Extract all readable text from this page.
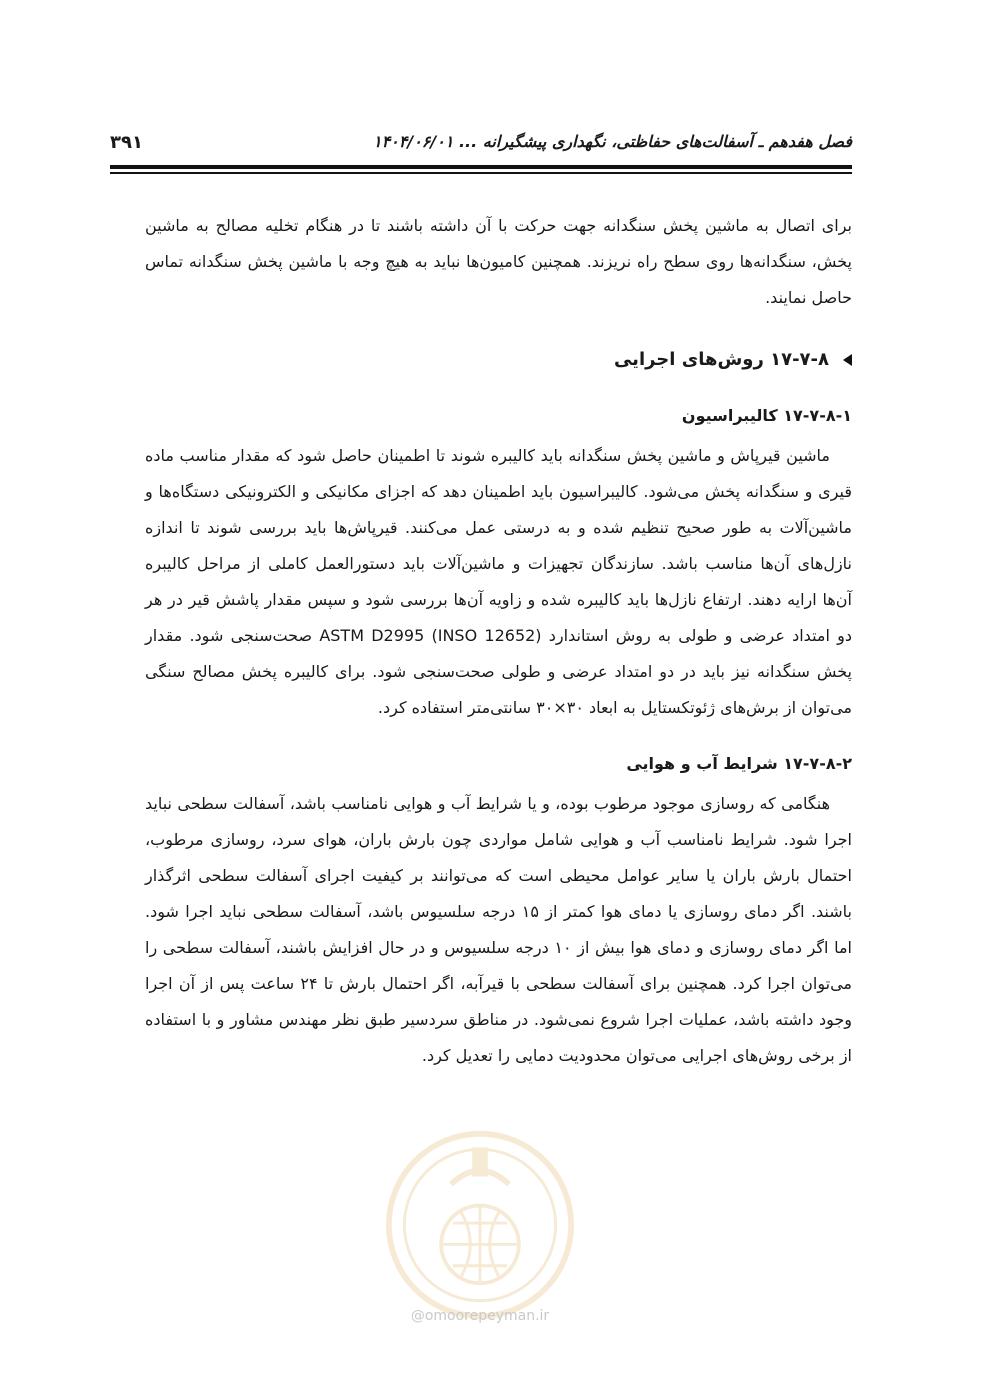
فصل هفدهم ـ آسفالت‌های حفاظتی، نگهداری پیشگیرانه ... ۱۴۰۴/۰۶/۰۱
۳۹۱
@omoorepeyman.ir

برای اتصال به ماشین پخش سنگدانه جهت حرکت با آن داشته باشند تا در هنگام تخلیه مصالح به ماشین پخش، سنگدانه‌ها روی سطح راه نریزند. همچنین کامیون‌ها نباید به هیچ وجه با ماشین پخش سنگدانه تماس حاصل نمایند.

۱۷-۷-۸ روش‌های اجرایی
۱۷-۷-۸-۱ کالیبراسیون

ماشین قیرپاش و ماشین پخش سنگدانه باید کالیبره شوند تا اطمینان حاصل شود که مقدار مناسب ماده قیری و سنگدانه پخش می‌شود. کالیبراسیون باید اطمینان دهد که اجزای مکانیکی و الکترونیکی دستگاه‌ها و ماشین‌آلات به طور صحیح تنظیم شده و به درستی عمل می‌کنند. قیرپاش‌ها باید بررسی شوند تا اندازه نازل‌های آن‌ها مناسب باشد. سازندگان تجهیزات و ماشین‌آلات باید دستورالعمل کاملی از مراحل کالیبره آن‌ها ارایه دهند. ارتفاع نازل‌ها باید کالیبره شده و زاویه آن‌ها بررسی شود و سپس مقدار پاشش قیر در هر دو امتداد عرضی و طولی به روش استاندارد ASTM D2995 (INSO 12652) صحت‌سنجی شود. مقدار پخش سنگدانه نیز باید در دو امتداد عرضی و طولی صحت‌سنجی شود. برای کالیبره پخش مصالح سنگی می‌توان از برش‌های ژئوتکستایل به ابعاد ۳۰×۳۰ سانتی‌متر استفاده کرد.

۱۷-۷-۸-۲ شرایط آب و هوایی

هنگامی که روسازی موجود مرطوب بوده، و یا شرایط آب و هوایی نامناسب باشد، آسفالت سطحی نباید اجرا شود. شرایط نامناسب آب و هوایی شامل مواردی چون بارش باران، هوای سرد، روسازی مرطوب، احتمال بارش باران یا سایر عوامل محیطی است که می‌توانند بر کیفیت اجرای آسفالت سطحی اثرگذار باشند. اگر دمای روسازی یا دمای هوا کمتر از ۱۵ درجه سلسیوس باشد، آسفالت سطحی نباید اجرا شود. اما اگر دمای روسازی و دمای هوا بیش از ۱۰ درجه سلسیوس و در حال افزایش باشند، آسفالت سطحی را می‌توان اجرا کرد. همچنین برای آسفالت سطحی با قیرآبه، اگر احتمال بارش تا ۲۴ ساعت پس از آن اجرا وجود داشته باشد، عملیات اجرا شروع نمی‌شود. در مناطق سردسیر طبق نظر مهندس مشاور و با استفاده از برخی روش‌های اجرایی می‌توان محدودیت دمایی را تعدیل کرد.
